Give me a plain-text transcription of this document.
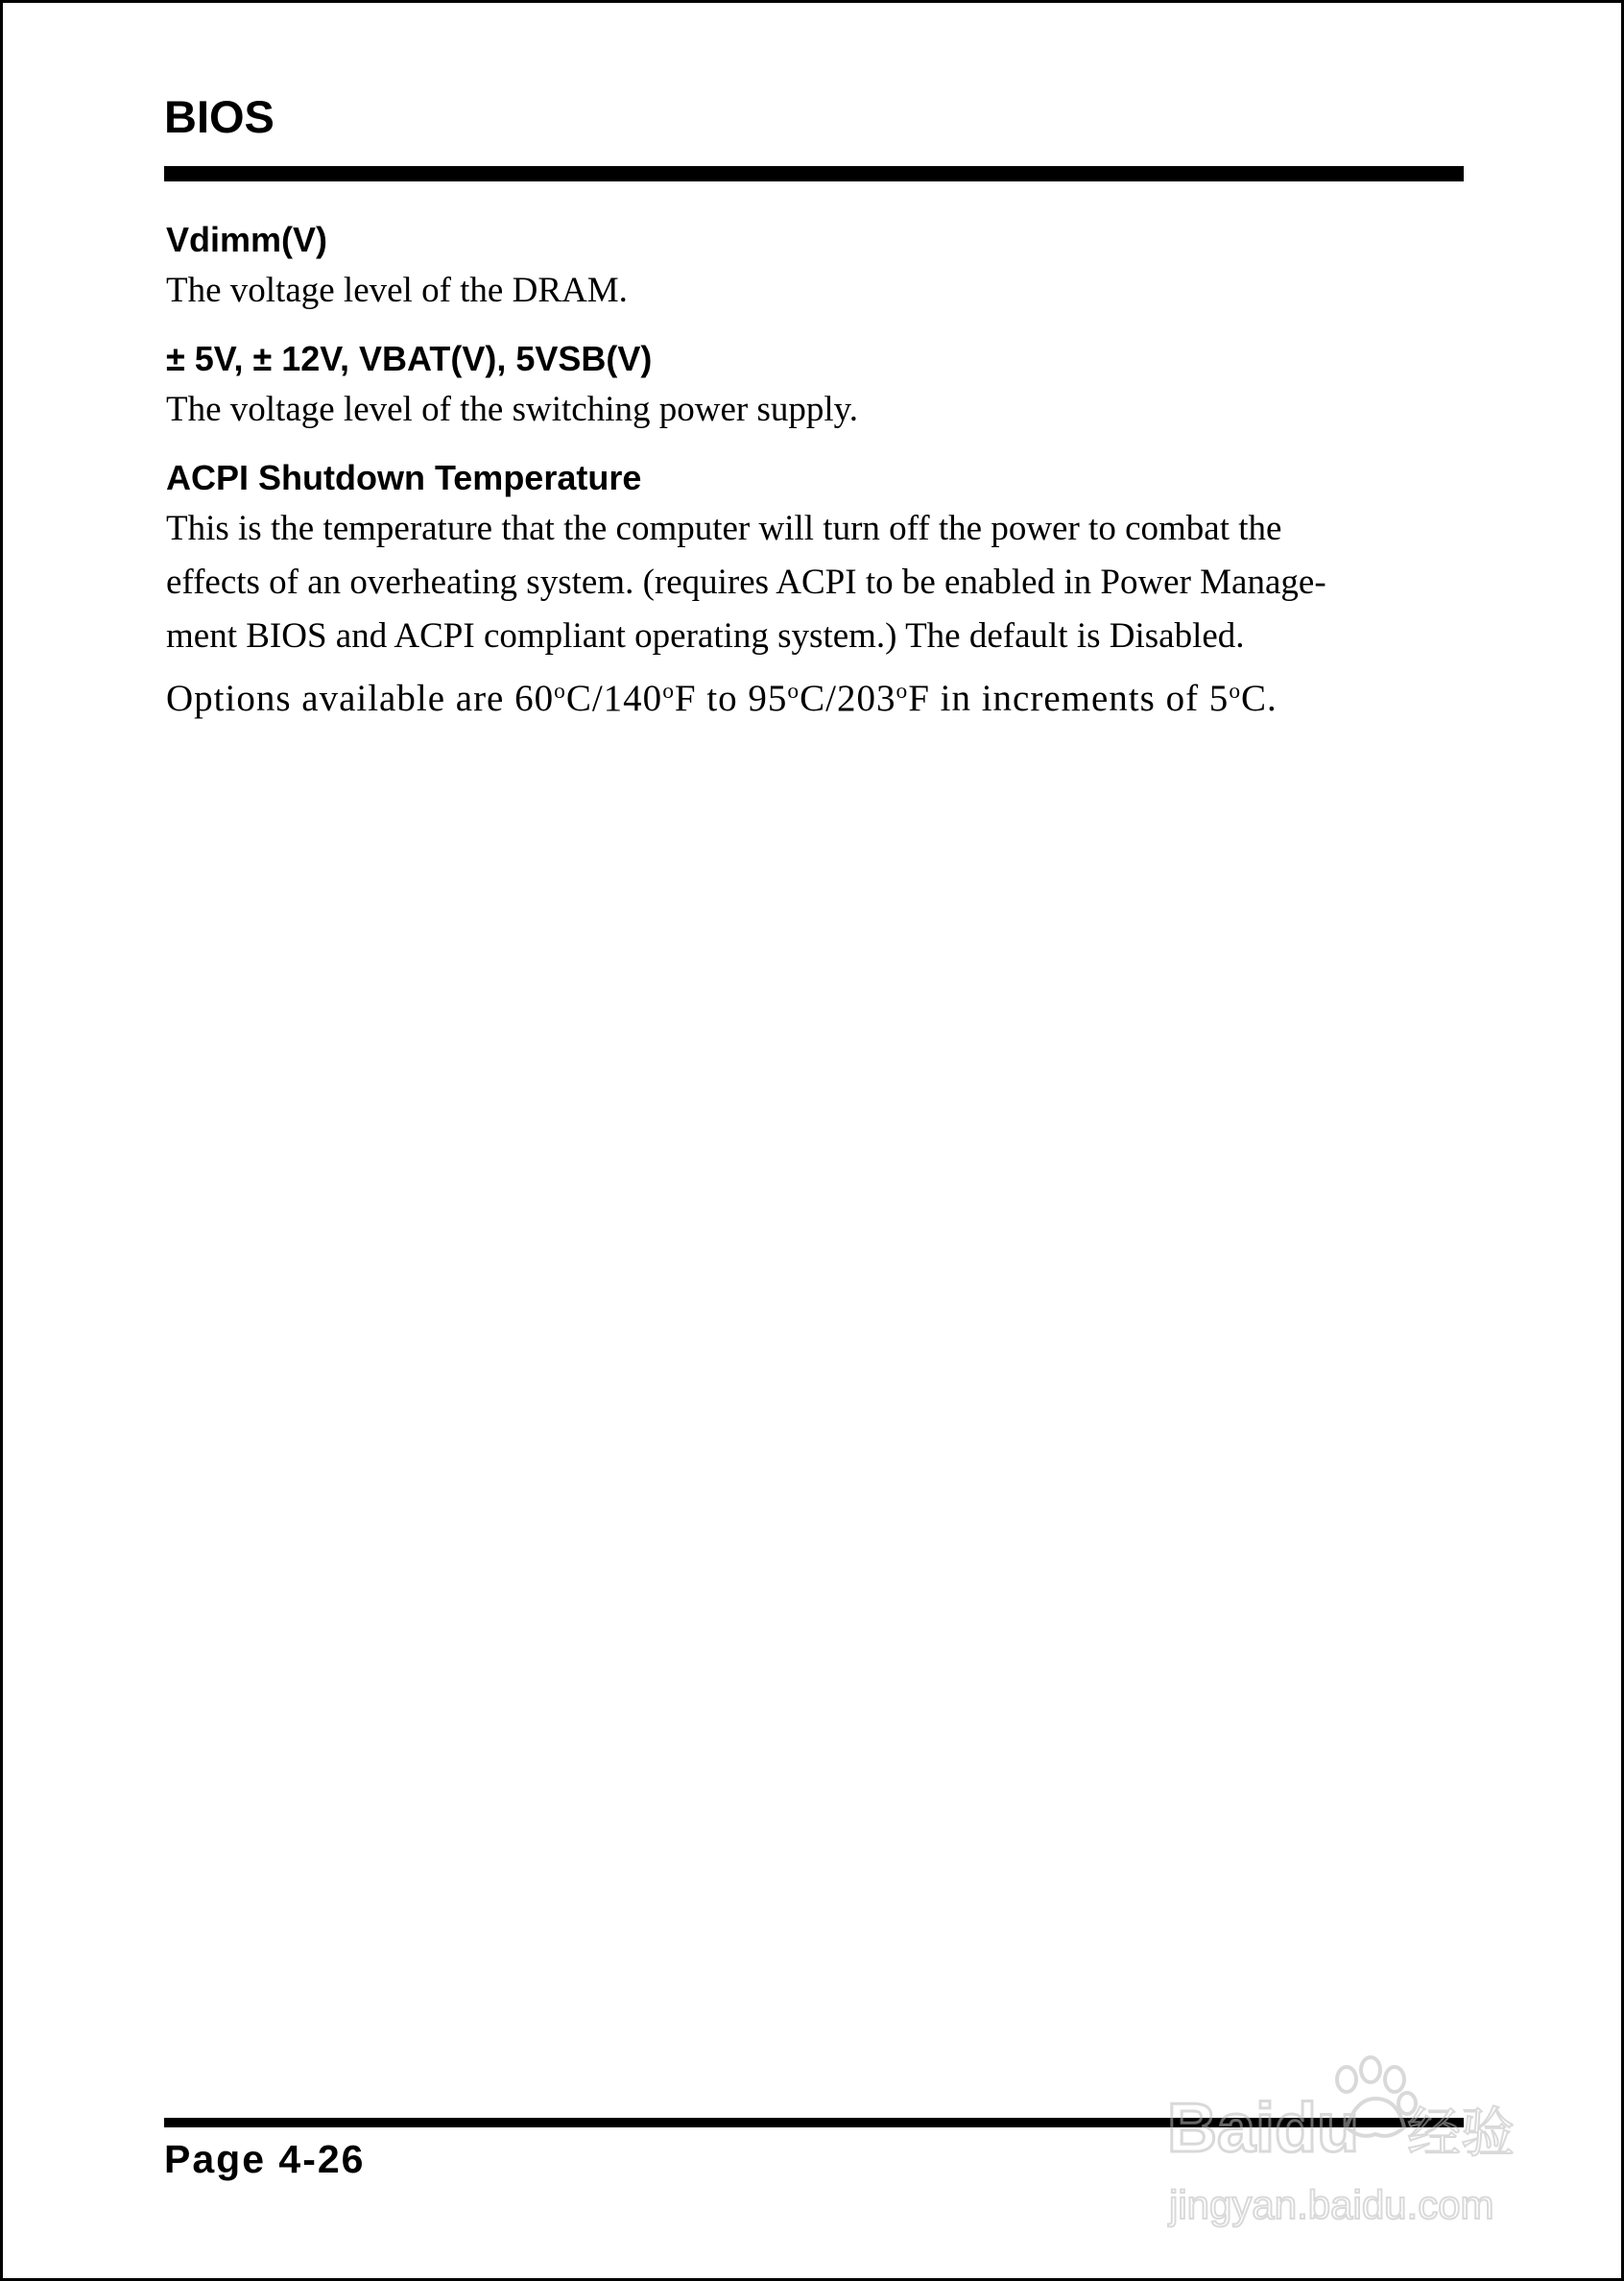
BIOS

Vdimm(V)

The voltage level of the DRAM.

± 5V, ± 12V, VBAT(V), 5VSB(V)

The voltage level of the switching power supply.

ACPI Shutdown Temperature

This is the temperature that the computer will turn off the power to combat the

effects of an overheating system. (requires ACPI to be enabled in Power Manage-

ment BIOS and ACPI compliant operating system.) The default is Disabled.

Options available are 60$^o$C/140$^o$F to 95$^o$C/203$^o$F in increments of 5$^o$C.

Page 4-26	Baidu 经验
jingyan.baidu.com
